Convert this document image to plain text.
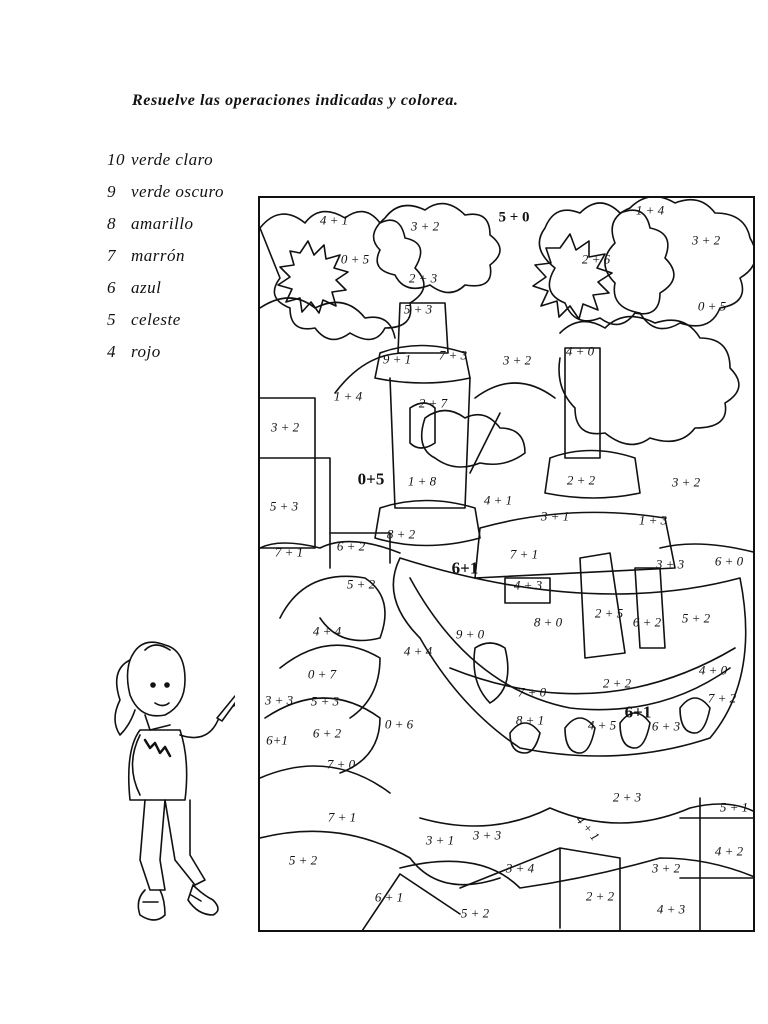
Resuelve las operaciones indicadas y colorea.
10 verde claro
9 verde oscuro
8 amarillo
7 marrón
6 azul
5 celeste
4 rojo
4 + 1	3 + 2
5 + 0	1 + 4
3 + 2
0 + 5
2 + 3
2 + 6
0 + 5
5 + 3
9 + 1 7 + 3	3 + 2
4 + 0
1 + 4	2 + 7
3 + 2
0+5 1 + 8
4 + 1
2 + 2	3 + 2
5 + 3
3 + 1	1 + 3
7 + 1	6 + 2
8 + 2
6+1
7 + 1
3 + 3 6 + 0
5 + 2	4 + 3
4 + 4
2 + 5
8 + 0	6 + 2 5 + 2
9 + 0
4 + 4
0 + 7	4 + 0
3 + 3 5 + 3
7 + 0
2 + 2
7 + 2
0 + 6	8 + 1	4 + 5
6+1
6 + 3
6+1 6 + 2
7 + 0
2 + 3
5 + 1
7 + 1
3 + 3	4 + 1
5 + 2
3 + 1
3 + 4
4 + 2
3 + 2
6 + 1	2 + 2
5 + 2	4 + 3
